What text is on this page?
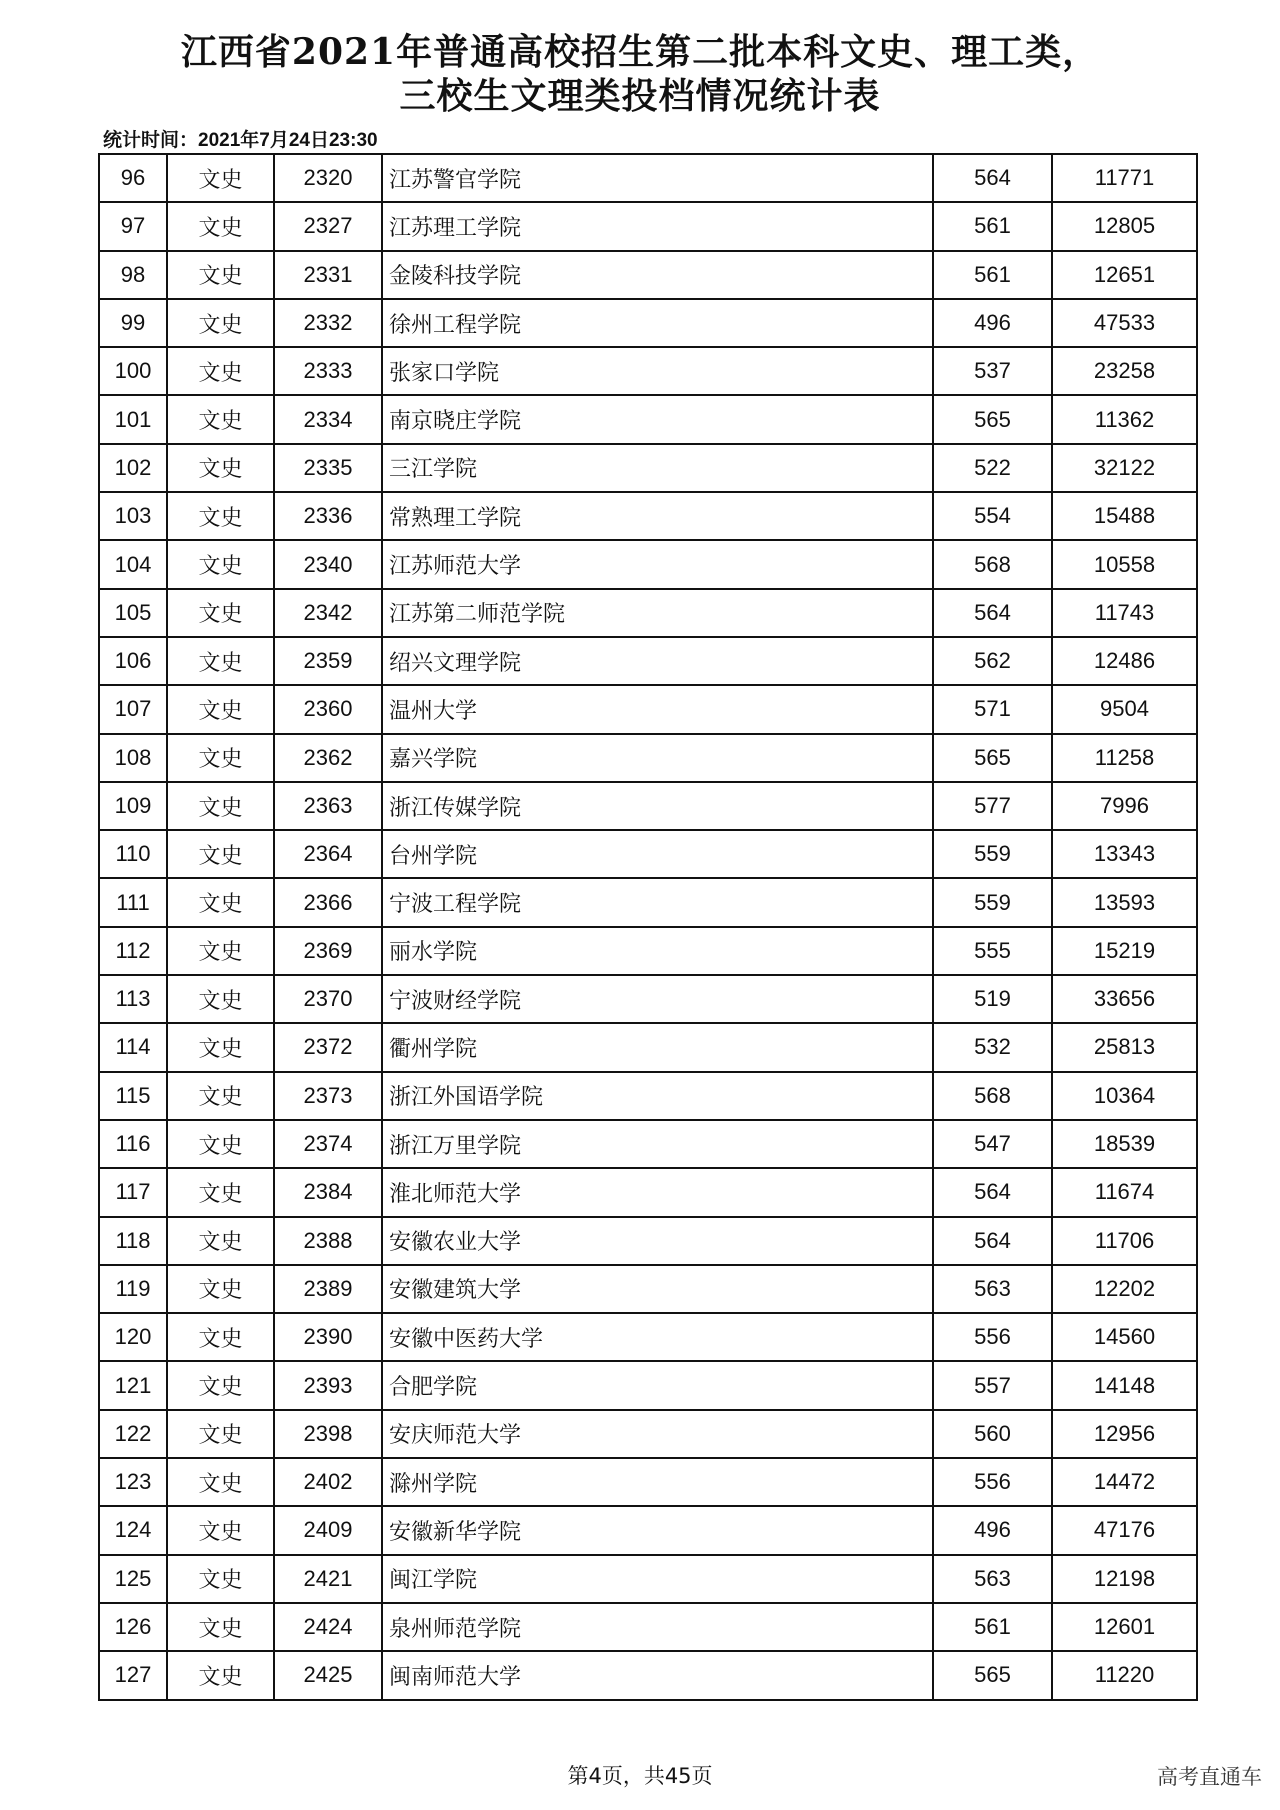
江西省2021年普通高校招生第二批本科文史、理工类，
三校生文理类投档情况统计表
统计时间：2021年7月24日23:30
96	文史	2320	江苏警官学院	564	11771
97	文史	2327	江苏理工学院	561	12805
98	文史	2331	金陵科技学院	561	12651
99	文史	2332	徐州工程学院	496	47533
100	文史	2333	张家口学院	537	23258
101	文史	2334	南京晓庄学院	565	11362
102	文史	2335	三江学院	522	32122
103	文史	2336	常熟理工学院	554	15488
104	文史	2340	江苏师范大学	568	10558
105	文史	2342	江苏第二师范学院	564	11743
106	文史	2359	绍兴文理学院	562	12486
107	文史	2360	温州大学	571	9504
108	文史	2362	嘉兴学院	565	11258
109	文史	2363	浙江传媒学院	577	7996
110	文史	2364	台州学院	559	13343
111	文史	2366	宁波工程学院	559	13593
112	文史	2369	丽水学院	555	15219
113	文史	2370	宁波财经学院	519	33656
114	文史	2372	衢州学院	532	25813
115	文史	2373	浙江外国语学院	568	10364
116	文史	2374	浙江万里学院	547	18539
117	文史	2384	淮北师范大学	564	11674
118	文史	2388	安徽农业大学	564	11706
119	文史	2389	安徽建筑大学	563	12202
120	文史	2390	安徽中医药大学	556	14560
121	文史	2393	合肥学院	557	14148
122	文史	2398	安庆师范大学	560	12956
123	文史	2402	滁州学院	556	14472
124	文史	2409	安徽新华学院	496	47176
125	文史	2421	闽江学院	563	12198
126	文史	2424	泉州师范学院	561	12601
127	文史	2425	闽南师范大学	565	11220
第4页，共45页	高考直通车
